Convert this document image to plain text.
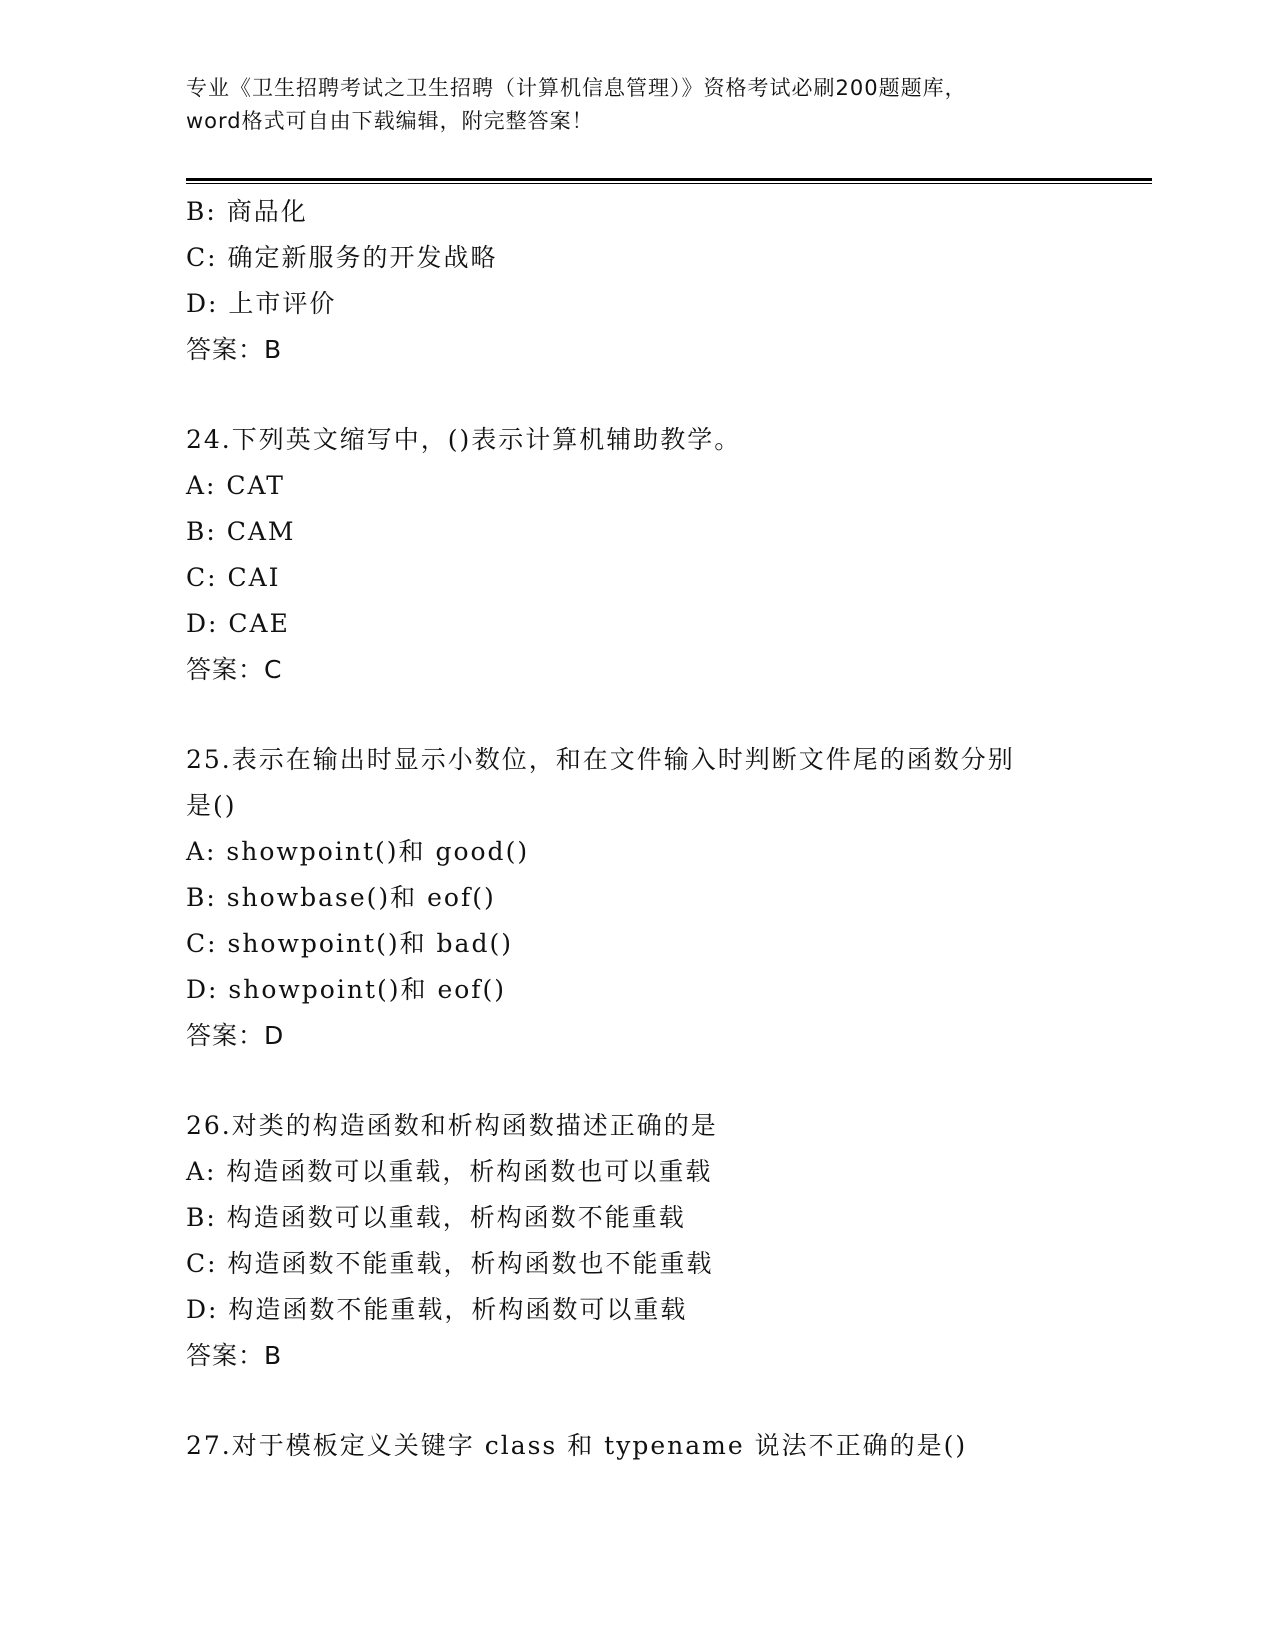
专业《卫生招聘考试之卫生招聘（计算机信息管理）》资格考试必刷200题题库，
word格式可自由下载编辑，附完整答案！
B: 商品化
C: 确定新服务的开发战略
D: 上市评价
答案：B
24.下列英文缩写中，()表示计算机辅助教学。
A: CAT
B: CAM
C: CAI
D: CAE
答案：C
25.表示在输出时显示小数位，和在文件输入时判断文件尾的函数分别
是()
A: showpoint()和 good()
B: showbase()和 eof()
C: showpoint()和 bad()
D: showpoint()和 eof()
答案：D
26.对类的构造函数和析构函数描述正确的是
A: 构造函数可以重载，析构函数也可以重载
B: 构造函数可以重载，析构函数不能重载
C: 构造函数不能重载，析构函数也不能重载
D: 构造函数不能重载，析构函数可以重载
答案：B
27.对于模板定义关键字 class 和 typename 说法不正确的是()
